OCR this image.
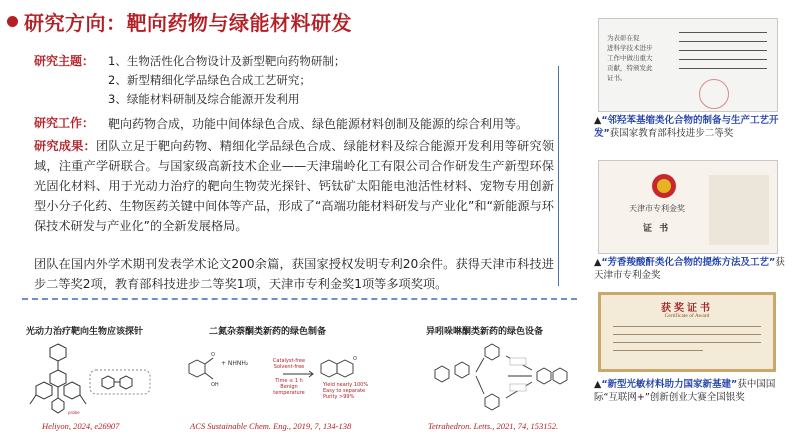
研究方向：靶向药物与绿能材料研发
研究主题： 1、生物活性化合物设计及新型靶向药物研制；
2、新型精细化学品绿色合成工艺研究；
3、绿能材料研制及综合能源开发利用
研究工作： 靶向药物合成，功能中间体绿色合成、绿色能源材料创制及能源的综合利用等。
研究成果：团队立足于靶向药物、精细化学品绿色合成、绿能材料及综合能源开发利用等研究领域，注重产学研联合。与国家级高新技术企业——天津瑞岭化工有限公司合作研发生产新型环保光固化材料、用于光动力治疗的靶向生物荧光探针、钙钛矿太阳能电池活性材料、宠物专用创新型小分子化药、生物医药关键中间体等产品，形成了“高端功能材料研发与产业化”和“新能源与环保技术研发与产业化”的全新发展格局。
团队在国内外学术期刊发表学术论文200余篇，获国家授权发明专利20余件。获得天津市科技进步二等奖2项，教育部科技进步二等奖1项，天津市专利金奖1项等多项奖项。
光动力治疗靶向生物应该探针	二氮杂萘酮类新药的绿色制备	异吲哚啉酮类新药的绿色设备
probe
Heliyon, 2024, e26907
O
OH
O
+ NHNH₂	Catalyst-free
Solvent-free
Time ≤ 1 h
Benign temperature
Yield nearly 100%
Easy to separate
Purity >99%
ACS Sustainable Chem. Eng., 2019, 7, 134-138	Tetrahedron. Letts., 2021, 74, 153152.
为表彰在促
进科学技术进步
工作中做出重大
贡献，特颁发此
证书。
▲“邻羟苯基缩类化合物的制备与生产工艺开发”获国家教育部科技进步二等奖
天津市专利金奖
证 书
▲“芳香羧酸酐类化合物的提炼方法及工艺”获天津市专利金奖
获奖证书
Certificate of Award
▲“新型光敏材料助力国家新基建”获中国国际“互联网+”创新创业大赛全国银奖
